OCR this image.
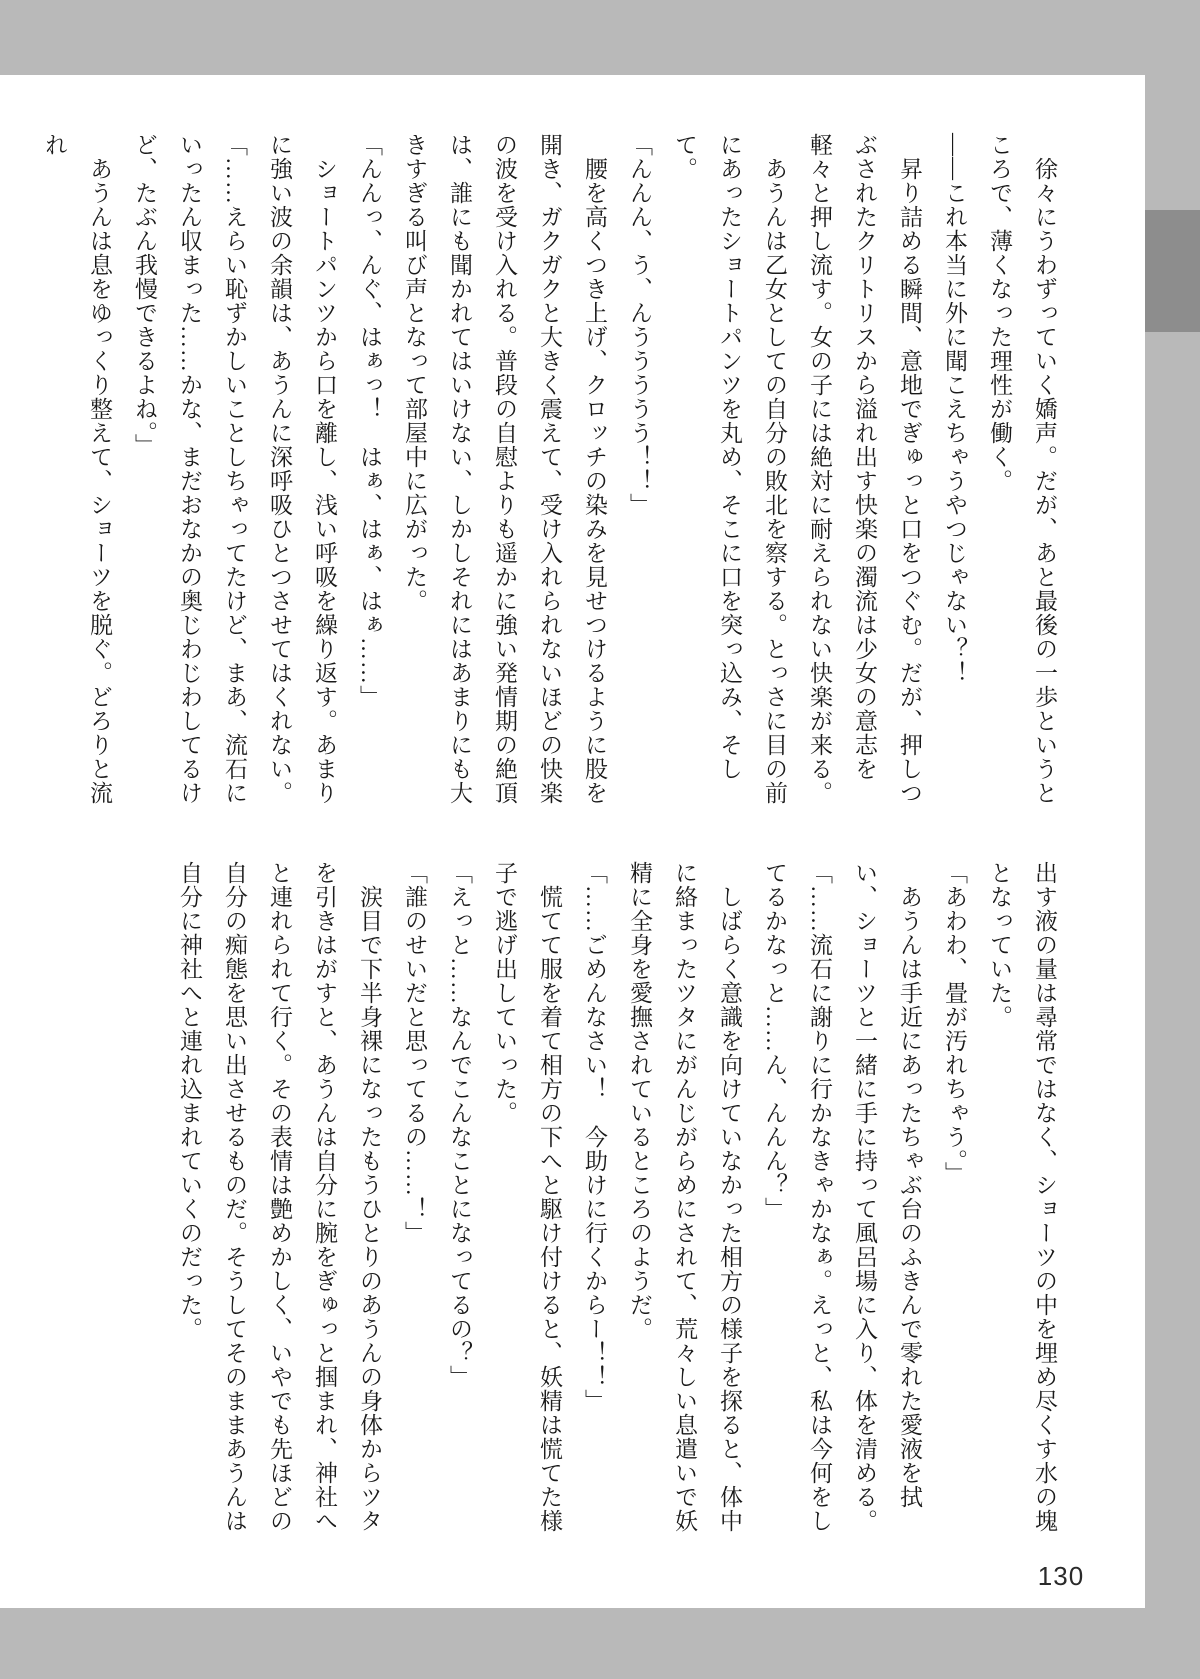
徐々にうわずっていく嬌声。だが、あと最後の一歩というところで、薄くなった理性が働く。

――これ本当に外に聞こえちゃうやつじゃない？！

昇り詰める瞬間、意地でぎゅっと口をつぐむ。だが、押しつぶされたクリトリスから溢れ出す快楽の濁流は少女の意志を軽々と押し流す。女の子には絶対に耐えられない快楽が来る。

あうんは乙女としての自分の敗北を察する。とっさに目の前にあったショートパンツを丸め、そこに口を突っ込み、そして。

「んんん、う、んううううう！！」

腰を高くつき上げ、クロッチの染みを見せつけるように股を開き、ガクガクと大きく震えて、受け入れられないほどの快楽の波を受け入れる。普段の自慰よりも遥かに強い発情期の絶頂は、誰にも聞かれてはいけない、しかしそれにはあまりにも大きすぎる叫び声となって部屋中に広がった。

「んんっ、んぐ、はぁっ！　はぁ、はぁ、はぁ……」

ショートパンツから口を離し、浅い呼吸を繰り返す。あまりに強い波の余韻は、あうんに深呼吸ひとつさせてはくれない。

「……えらい恥ずかしいことしちゃってたけど、まあ、流石にいったん収まった……かな、まだおなかの奥じわじわしてるけど、たぶん我慢できるよね。」

あうんは息をゆっくり整えて、ショーツを脱ぐ。どろりと流れ

出す液の量は尋常ではなく、ショーツの中を埋め尽くす水の塊となっていた。

「あわわ、畳が汚れちゃう。」

あうんは手近にあったちゃぶ台のふきんで零れた愛液を拭い、ショーツと一緒に手に持って風呂場に入り、体を清める。

「……流石に謝りに行かなきゃかなぁ。えっと、私は今何をしてるかなっと……ん、んんん？」

しばらく意識を向けていなかった相方の様子を探ると、体中に絡まったツタにがんじがらめにされて、荒々しい息遣いで妖精に全身を愛撫されているところのようだ。

「……ごめんなさい！　今助けに行くからー！！」

慌てて服を着て相方の下へと駆け付けると、妖精は慌てた様子で逃げ出していった。

「えっと……なんでこんなことになってるの？」

「誰のせいだと思ってるの……！」

涙目で下半身裸になったもうひとりのあうんの身体からツタを引きはがすと、あうんは自分に腕をぎゅっと掴まれ、神社へと連れられて行く。その表情は艶めかしく、いやでも先ほどの自分の痴態を思い出させるものだ。そうしてそのままあうんは自分に神社へと連れ込まれていくのだった。

130
